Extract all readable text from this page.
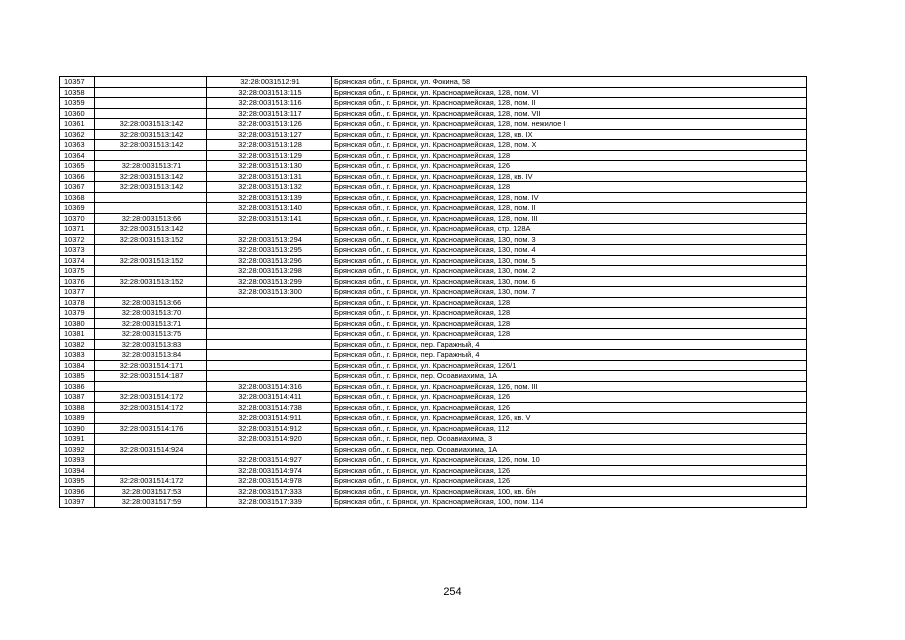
10357		32:28:0031512:91	Брянская обл., г. Брянск, ул. Фокина, 58
10358		32:28:0031513:115	Брянская обл., г. Брянск, ул. Красноармейская, 128, пом. VI
10359		32:28:0031513:116	Брянская обл., г. Брянск, ул. Красноармейская, 128, пом. II
10360		32:28:0031513:117	Брянская обл., г. Брянск, ул. Красноармейская, 128, пом. VII
10361	32:28:0031513:142	32:28:0031513:126	Брянская обл., г. Брянск, ул. Красноармейская, 128, пом. нежилое I
10362	32:28:0031513:142	32:28:0031513:127	Брянская обл., г. Брянск, ул. Красноармейская, 128, кв. IX
10363	32:28:0031513:142	32:28:0031513:128	Брянская обл., г. Брянск, ул. Красноармейская, 128, пом. X
10364		32:28:0031513:129	Брянская обл., г. Брянск, ул. Красноармейская, 128
10365	32:28:0031513:71	32:28:0031513:130	Брянская обл., г. Брянск, ул. Красноармейская, 126
10366	32:28:0031513:142	32:28:0031513:131	Брянская обл., г. Брянск, ул. Красноармейская, 128, кв. IV
10367	32:28:0031513:142	32:28:0031513:132	Брянская обл., г. Брянск, ул. Красноармейская, 128
10368		32:28:0031513:139	Брянская обл., г. Брянск, ул. Красноармейская, 128, пом. IV
10369		32:28:0031513:140	Брянская обл., г. Брянск, ул. Красноармейская, 128, пом. II
10370	32:28:0031513:66	32:28:0031513:141	Брянская обл., г. Брянск, ул. Красноармейская, 128, пом. III
10371	32:28:0031513:142		Брянская обл., г. Брянск, ул. Красноармейская, стр. 128А
10372	32:28:0031513:152	32:28:0031513:294	Брянская обл., г. Брянск, ул. Красноармейская, 130, пом. 3
10373		32:28:0031513:295	Брянская обл., г. Брянск, ул. Красноармейская, 130, пом. 4
10374	32:28:0031513:152	32:28:0031513:296	Брянская обл., г. Брянск, ул. Красноармейская, 130, пом. 5
10375		32:28:0031513:298	Брянская обл., г. Брянск, ул. Красноармейская, 130, пом. 2
10376	32:28:0031513:152	32:28:0031513:299	Брянская обл., г. Брянск, ул. Красноармейская, 130, пом. 6
10377		32:28:0031513:300	Брянская обл., г. Брянск, ул. Красноармейская, 130, пом. 7
10378	32:28:0031513:66		Брянская обл., г. Брянск, ул. Красноармейская, 128
10379	32:28:0031513:70		Брянская обл., г. Брянск, ул. Красноармейская, 128
10380	32:28:0031513:71		Брянская обл., г. Брянск, ул. Красноармейская, 128
10381	32:28:0031513:75		Брянская обл., г. Брянск, ул. Красноармейская, 128
10382	32:28:0031513:83		Брянская обл., г. Брянск, пер. Гаражный, 4
10383	32:28:0031513:84		Брянская обл., г. Брянск, пер. Гаражный, 4
10384	32:28:0031514:171		Брянская обл., г. Брянск, ул. Красноармейская, 126/1
10385	32:28:0031514:187		Брянская обл., г. Брянск, пер. Осоавиахима, 1А
10386		32:28:0031514:316	Брянская обл., г. Брянск, ул. Красноармейская, 126, пом. III
10387	32:28:0031514:172	32:28:0031514:411	Брянская обл., г. Брянск, ул. Красноармейская, 126
10388	32:28:0031514:172	32:28:0031514:738	Брянская обл., г. Брянск, ул. Красноармейская, 126
10389		32:28:0031514:911	Брянская обл., г. Брянск, ул. Красноармейская, 126, кв. V
10390	32:28:0031514:176	32:28:0031514:912	Брянская обл., г. Брянск, ул. Красноармейская, 112
10391		32:28:0031514:920	Брянская обл., г. Брянск, пер. Осоавиахима, 3
10392	32:28:0031514:924		Брянская обл., г. Брянск, пер. Осоавиахима, 1А
10393		32:28:0031514:927	Брянская обл., г. Брянск, ул. Красноармейская, 126, пом. 10
10394		32:28:0031514:974	Брянская обл., г. Брянск, ул. Красноармейская, 126
10395	32:28:0031514:172	32:28:0031514:978	Брянская обл., г. Брянск, ул. Красноармейская, 126
10396	32:28:0031517:53	32:28:0031517:333	Брянская обл., г. Брянск, ул. Красноармейская, 100, кв. б/н
10397	32:28:0031517:59	32:28:0031517:339	Брянская обл., г. Брянск, ул. Красноармейская, 100, пом. 114
254
